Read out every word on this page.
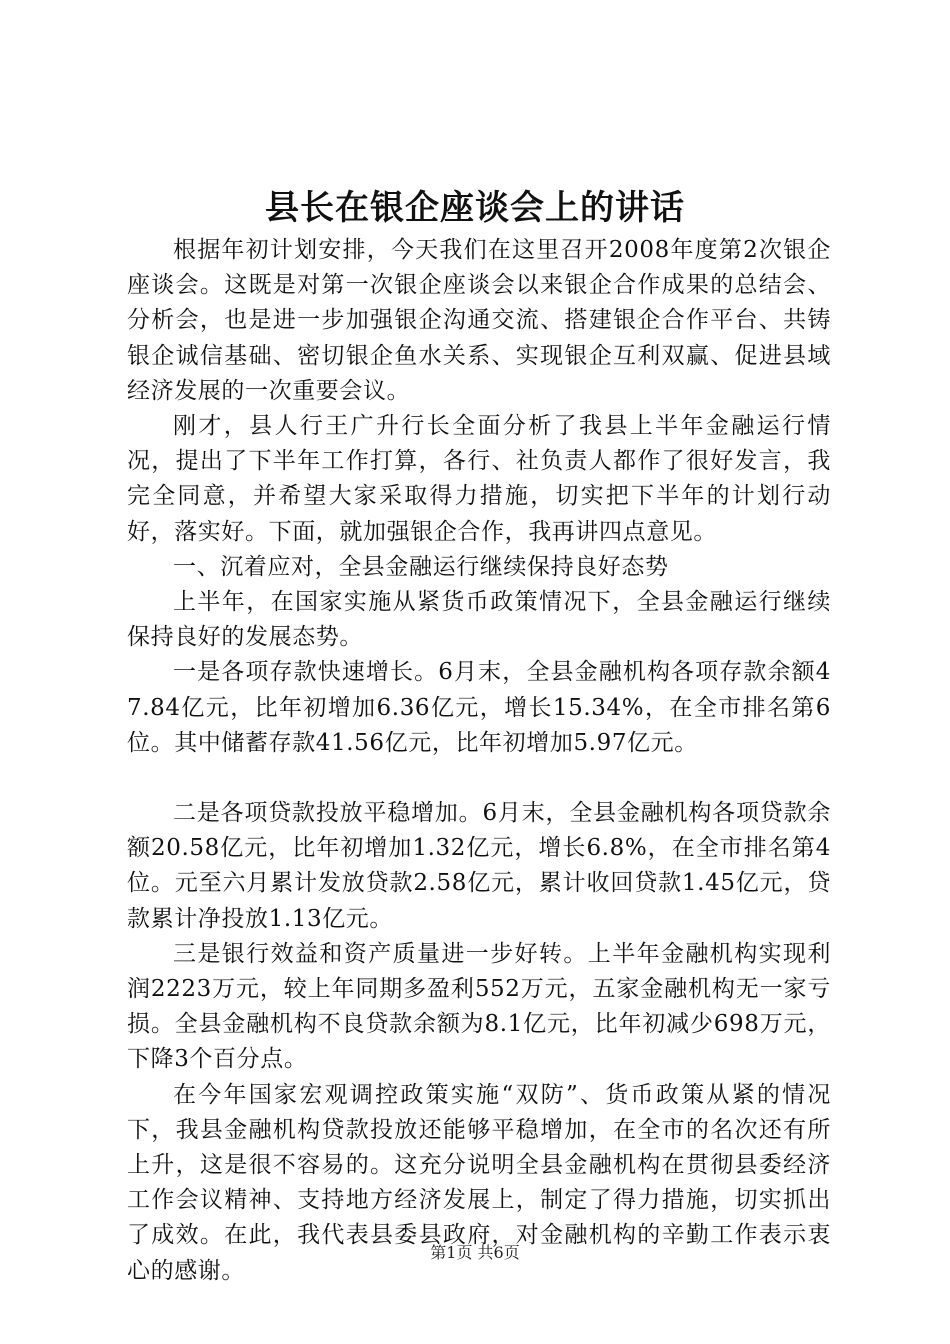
县长在银企座谈会上的讲话

根据年初计划安排，今天我们在这里召开2008年度第2次银企座谈会。这既是对第一次银企座谈会以来银企合作成果的总结会、分析会，也是进一步加强银企沟通交流、搭建银企合作平台、共铸银企诚信基础、密切银企鱼水关系、实现银企互利双赢、促进县域经济发展的一次重要会议。

刚才，县人行王广升行长全面分析了我县上半年金融运行情况，提出了下半年工作打算，各行、社负责人都作了很好发言，我完全同意，并希望大家采取得力措施，切实把下半年的计划行动好，落实好。下面，就加强银企合作，我再讲四点意见。

一、沉着应对，全县金融运行继续保持良好态势

上半年，在国家实施从紧货币政策情况下，全县金融运行继续保持良好的发展态势。

一是各项存款快速增长。6月末，全县金融机构各项存款余额47.84亿元，比年初增加6.36亿元，增长15.34%，在全市排名第6位。其中储蓄存款41.56亿元，比年初增加5.97亿元。

二是各项贷款投放平稳增加。6月末，全县金融机构各项贷款余额20.58亿元，比年初增加1.32亿元，增长6.8%，在全市排名第4位。元至六月累计发放贷款2.58亿元，累计收回贷款1.45亿元，贷款累计净投放1.13亿元。

三是银行效益和资产质量进一步好转。上半年金融机构实现利润2223万元，较上年同期多盈利552万元，五家金融机构无一家亏损。全县金融机构不良贷款余额为8.1亿元，比年初减少698万元，下降3个百分点。

在今年国家宏观调控政策实施“双防”、货币政策从紧的情况下，我县金融机构贷款投放还能够平稳增加，在全市的名次还有所上升，这是很不容易的。这充分说明全县金融机构在贯彻县委经济工作会议精神、支持地方经济发展上，制定了得力措施，切实抓出了成效。在此，我代表县委县政府，对金融机构的辛勤工作表示衷心的感谢。

第1页 共6页
